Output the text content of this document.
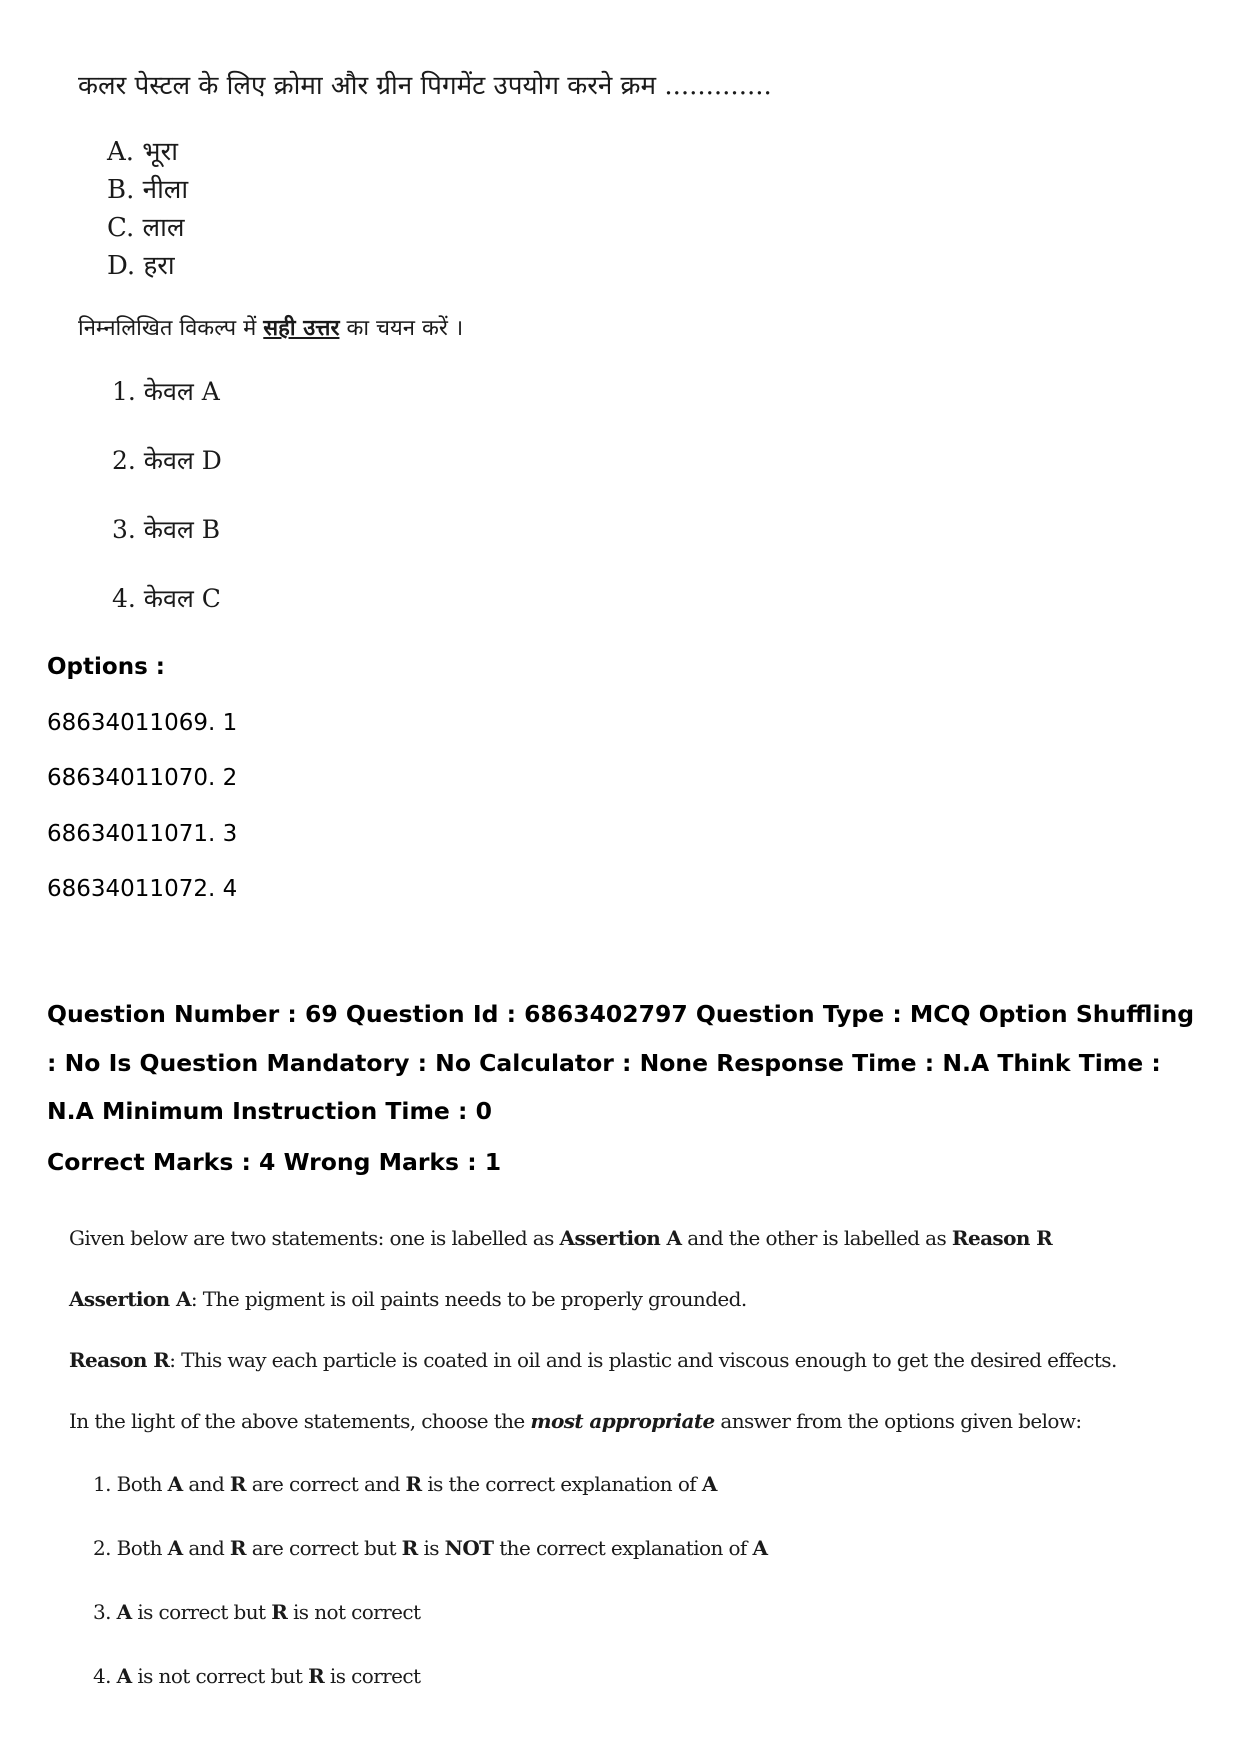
कलर पेस्टल के लिए क्रोमा और ग्रीन पिगमेंट उपयोग करने क्रम .............

A. भूरा

B. नीला

C. लाल

D. हरा

निम्नलिखित विकल्प में सही उत्तर का चयन करें ।

1. केवल A

2. केवल D

3. केवल B

4. केवल C

Options :

68634011069. 1

68634011070. 2

68634011071. 3

68634011072. 4

Question Number : 69 Question Id : 6863402797 Question Type : MCQ Option Shuffling : No Is Question Mandatory : No Calculator : None Response Time : N.A Think Time : N.A Minimum Instruction Time : 0

Correct Marks : 4 Wrong Marks : 1

Given below are two statements: one is labelled as Assertion A and the other is labelled as Reason R

Assertion A: The pigment is oil paints needs to be properly grounded.

Reason R: This way each particle is coated in oil and is plastic and viscous enough to get the desired effects.

In the light of the above statements, choose the most appropriate answer from the options given below:

1. Both A and R are correct and R is the correct explanation of A

2. Both A and R are correct but R is NOT the correct explanation of A

3. A is correct but R is not correct

4. A is not correct but R is correct
